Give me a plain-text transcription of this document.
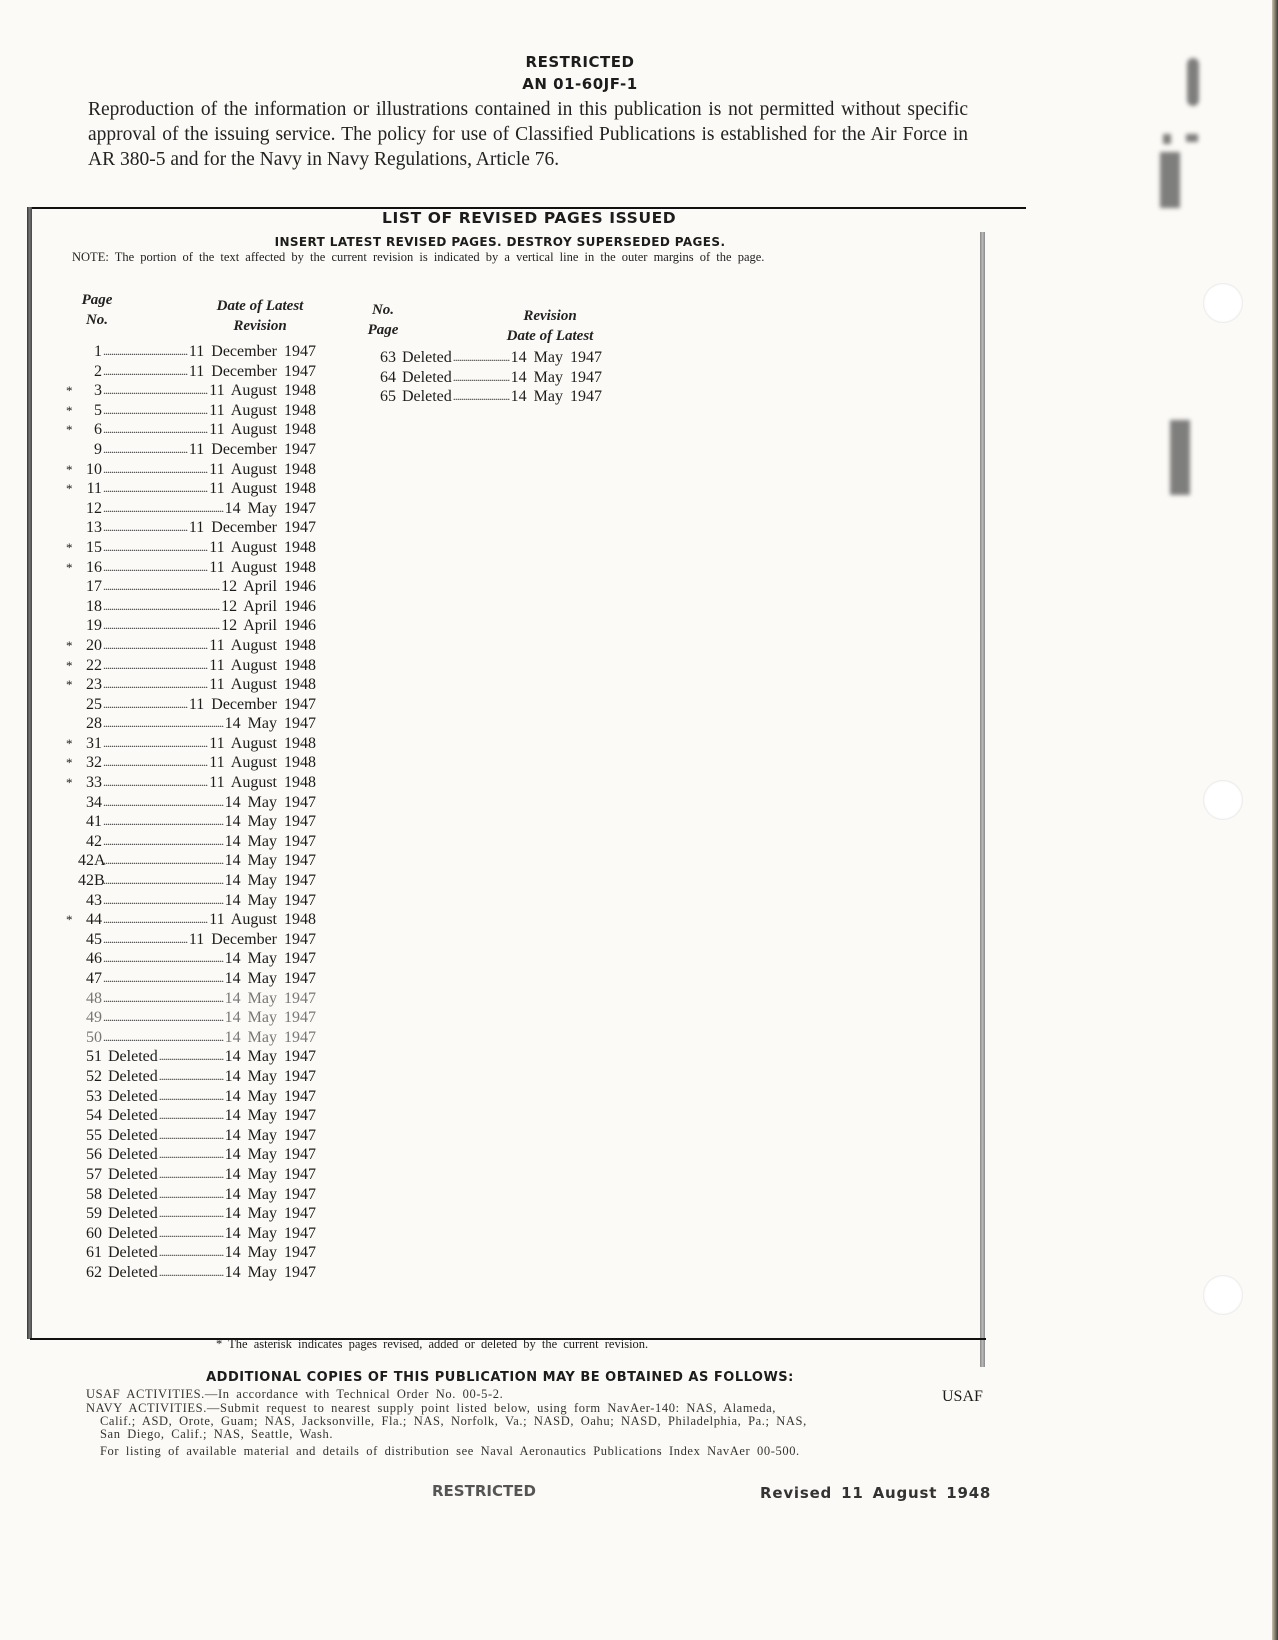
RESTRICTED
AN 01-60JF-1
Reproduction of the information or illustrations contained in this publication is not permitted without specific approval of the issuing service. The policy for use of Classified Publications is established for the Air Force in AR 380-5 and for the Navy in Navy Regulations, Article 76.
LIST OF REVISED PAGES ISSUED
INSERT LATEST REVISED PAGES. DESTROY SUPERSEDED PAGES.
NOTE: The portion of the text affected by the current revision is indicated by a vertical line in the outer margins of the page.
Page
No.
Date of Latest
Revision
No.
Page
Revision
Date of Latest
1 .....	11 December 1947
2 .....	11 December 1947
*	3 .....	11 August 1948
*	5 .....	11 August 1948
*	6 .....	11 August 1948
9 .....	11 December 1947
* 10 .....	11 August 1948
* 11 .....	11 August 1948
12 .....	14 May 1947
13 .....	11 December 1947
* 15 .....	11 August 1948
* 16 .....	11 August 1948
17 .....	12 April 1946
18 .....	12 April 1946
19 .....	12 April 1946
* 20 .....	11 August 1948
* 22 .....	11 August 1948
* 23 .....	11 August 1948
25 .....	11 December 1947
28 .....	14 May 1947
* 31 .....	11 August 1948
* 32 .....	11 August 1948
* 33 .....	11 August 1948
34 .....	14 May 1947
41 .....	14 May 1947
42 .....	14 May 1947
42A .....	14 May 1947
42B .....	14 May 1947
43 .....	14 May 1947
* 44 .....	11 August 1948
45 .....	11 December 1947
46 .....	14 May 1947
47 .....	14 May 1947
48 .....	14 May 1947
49 .....	14 May 1947
50 .....	14 May 1947
51 Deleted .....	14 May 1947
52 Deleted .....	14 May 1947
53 Deleted .....	14 May 1947
54 Deleted .....	14 May 1947
55 Deleted .....	14 May 1947
56 Deleted .....	14 May 1947
57 Deleted .....	14 May 1947
58 Deleted .....	14 May 1947
59 Deleted .....	14 May 1947
60 Deleted .....	14 May 1947
61 Deleted .....	14 May 1947
62 Deleted .....	14 May 1947
63 Deleted .....	14 May 1947
64 Deleted .....	14 May 1947
65 Deleted .....	14 May 1947
* The asterisk indicates pages revised, added or deleted by the current revision.
ADDITIONAL COPIES OF THIS PUBLICATION MAY BE OBTAINED AS FOLLOWS:
USAF ACTIVITIES.—In accordance with Technical Order No. 00-5-2.	USAF
NAVY ACTIVITIES.—Submit request to nearest supply point listed below, using form NavAer-140: NAS, Alameda,
Calif.; ASD, Orote, Guam; NAS, Jacksonville, Fla.; NAS, Norfolk, Va.; NASD, Oahu; NASD, Philadelphia, Pa.; NAS,
San Diego, Calif.; NAS, Seattle, Wash.
For listing of available material and details of distribution see Naval Aeronautics Publications Index NavAer 00-500.
RESTRICTED	Revised 11 August 1948
